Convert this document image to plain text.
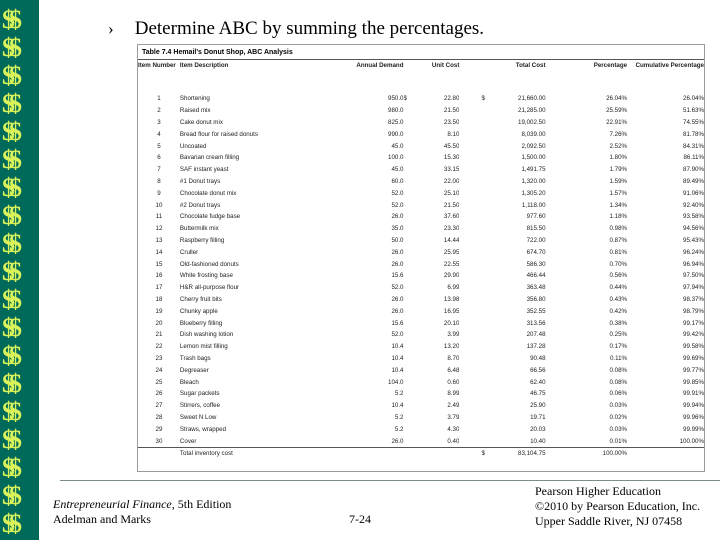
$$
$$
$$
$$
$$
$$
$$
$$
$$
$$
$$
$$
$$
$$
$$
$$
$$
$$
$$
› Determine ABC by summing the percentages.
Table 7.4 Hemail's Donut Shop, ABC Analysis
Item Number	Item Description	Annual Demand		Unit Cost		Total Cost	Percentage	Cumulative Percentage
1	Shortening	950.0	$	22.80	$	21,660.00	26.04%	26.04%
2	Raised mix	980.0		21.50		21,285.00	25.59%	51.63%
3	Cake donut mix	825.0		23.50		19,002.50	22.91%	74.55%
4	Bread flour for raised donuts	990.0		8.10		8,039.00	7.26%	81.78%
5	Uncoated	45.0		45.50		2,092.50	2.52%	84.31%
6	Bavarian cream filling	100.0		15.30		1,500.00	1.80%	86.11%
7	SAF instant yeast	45.0		33.15		1,491.75	1.79%	87.90%
8	#1 Donut trays	60.0		22.00		1,320.00	1.59%	89.49%
9	Chocolate donut mix	52.0		25.10		1,305.20	1.57%	91.06%
10	#2 Donut trays	52.0		21.50		1,118.00	1.34%	92.40%
11	Chocolate fudge base	26.0		37.60		977.60	1.18%	93.58%
12	Buttermilk mix	35.0		23.30		815.50	0.98%	94.56%
13	Raspberry filling	50.0		14.44		722.00	0.87%	95.43%
14	Cruller	26.0		25.95		674.70	0.81%	96.24%
15	Old-fashioned donuts	26.0		22.55		586.30	0.70%	96.94%
16	White frosting base	15.6		29.90		466.44	0.56%	97.50%
17	H&R all-purpose flour	52.0		6.99		363.48	0.44%	97.94%
18	Cherry fruit bits	26.0		13.98		356.80	0.43%	98.37%
19	Chunky apple	26.0		16.95		352.55	0.42%	98.79%
20	Blueberry filling	15.6		20.10		313.56	0.38%	99.17%
21	Dish washing lotion	52.0		3.99		207.48	0.25%	99.42%
22	Lemon mist filling	10.4		13.20		137.28	0.17%	99.58%
23	Trash bags	10.4		8.70		90.48	0.11%	99.69%
24	Degreaser	10.4		6.48		66.56	0.08%	99.77%
25	Bleach	104.0		0.60		62.40	0.08%	99.85%
26	Sugar packets	5.2		8.99		46.75	0.06%	99.91%
27	Stirrers, coffee	10.4		2.49		25.90	0.03%	99.94%
28	Sweet N Low	5.2		3.79		19.71	0.02%	99.96%
29	Straws, wrapped	5.2		4.30		20.03	0.03%	99.99%
30	Cover	26.0		0.40		10.40	0.01%	100.00%
	Total inventory cost				$	83,104.75	100.00%	
Entrepreneurial Finance, 5th Edition
Adelman and Marks	7-24
Pearson Higher Education
©2010 by Pearson Education, Inc.
Upper Saddle River, NJ 07458
